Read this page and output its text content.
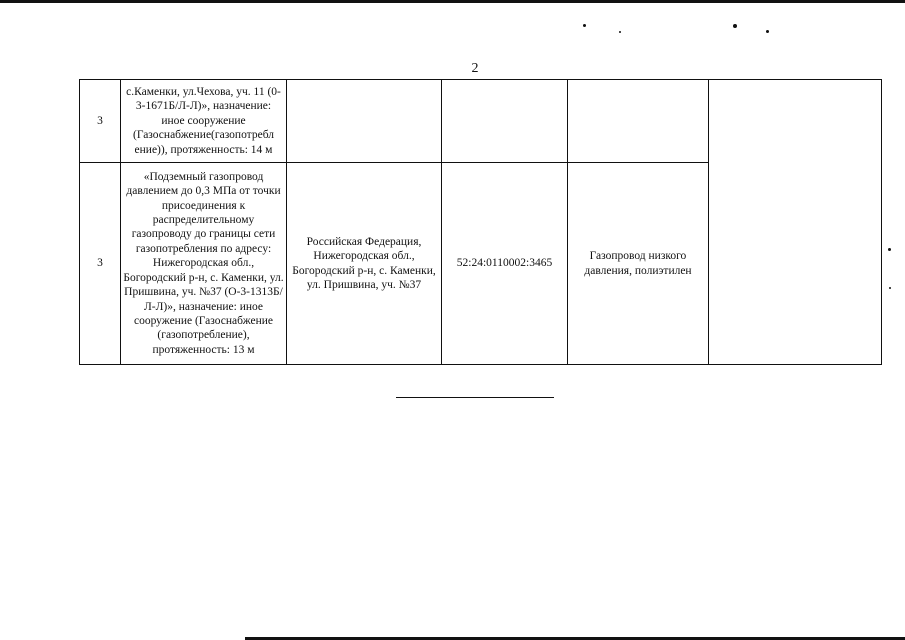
2
3	с.Каменки, ул.Чехова, уч. 11 (0-3-1671Б/Л-Л)», назначение: иное сооружение (Газоснабжение(газопотребл ение)), протяженность: 14 м				
3	«Подземный газопровод давлением до 0,3 МПа от точки присоединения к распределительному газопроводу до границы сети газопотребления по адресу: Нижегородская обл., Богородский р-н, с. Каменки, ул. Пришвина, уч. №37 (О-3-1313Б/Л-Л)», назначение: иное сооружение (Газоснабжение (газопотребление), протяженность: 13 м	Российская Федерация, Нижегородская обл., Богородский р-н, с. Каменки, ул. Пришвина, уч. №37	52:24:0110002:3465	Газопровод низкого давления, полиэтилен	
